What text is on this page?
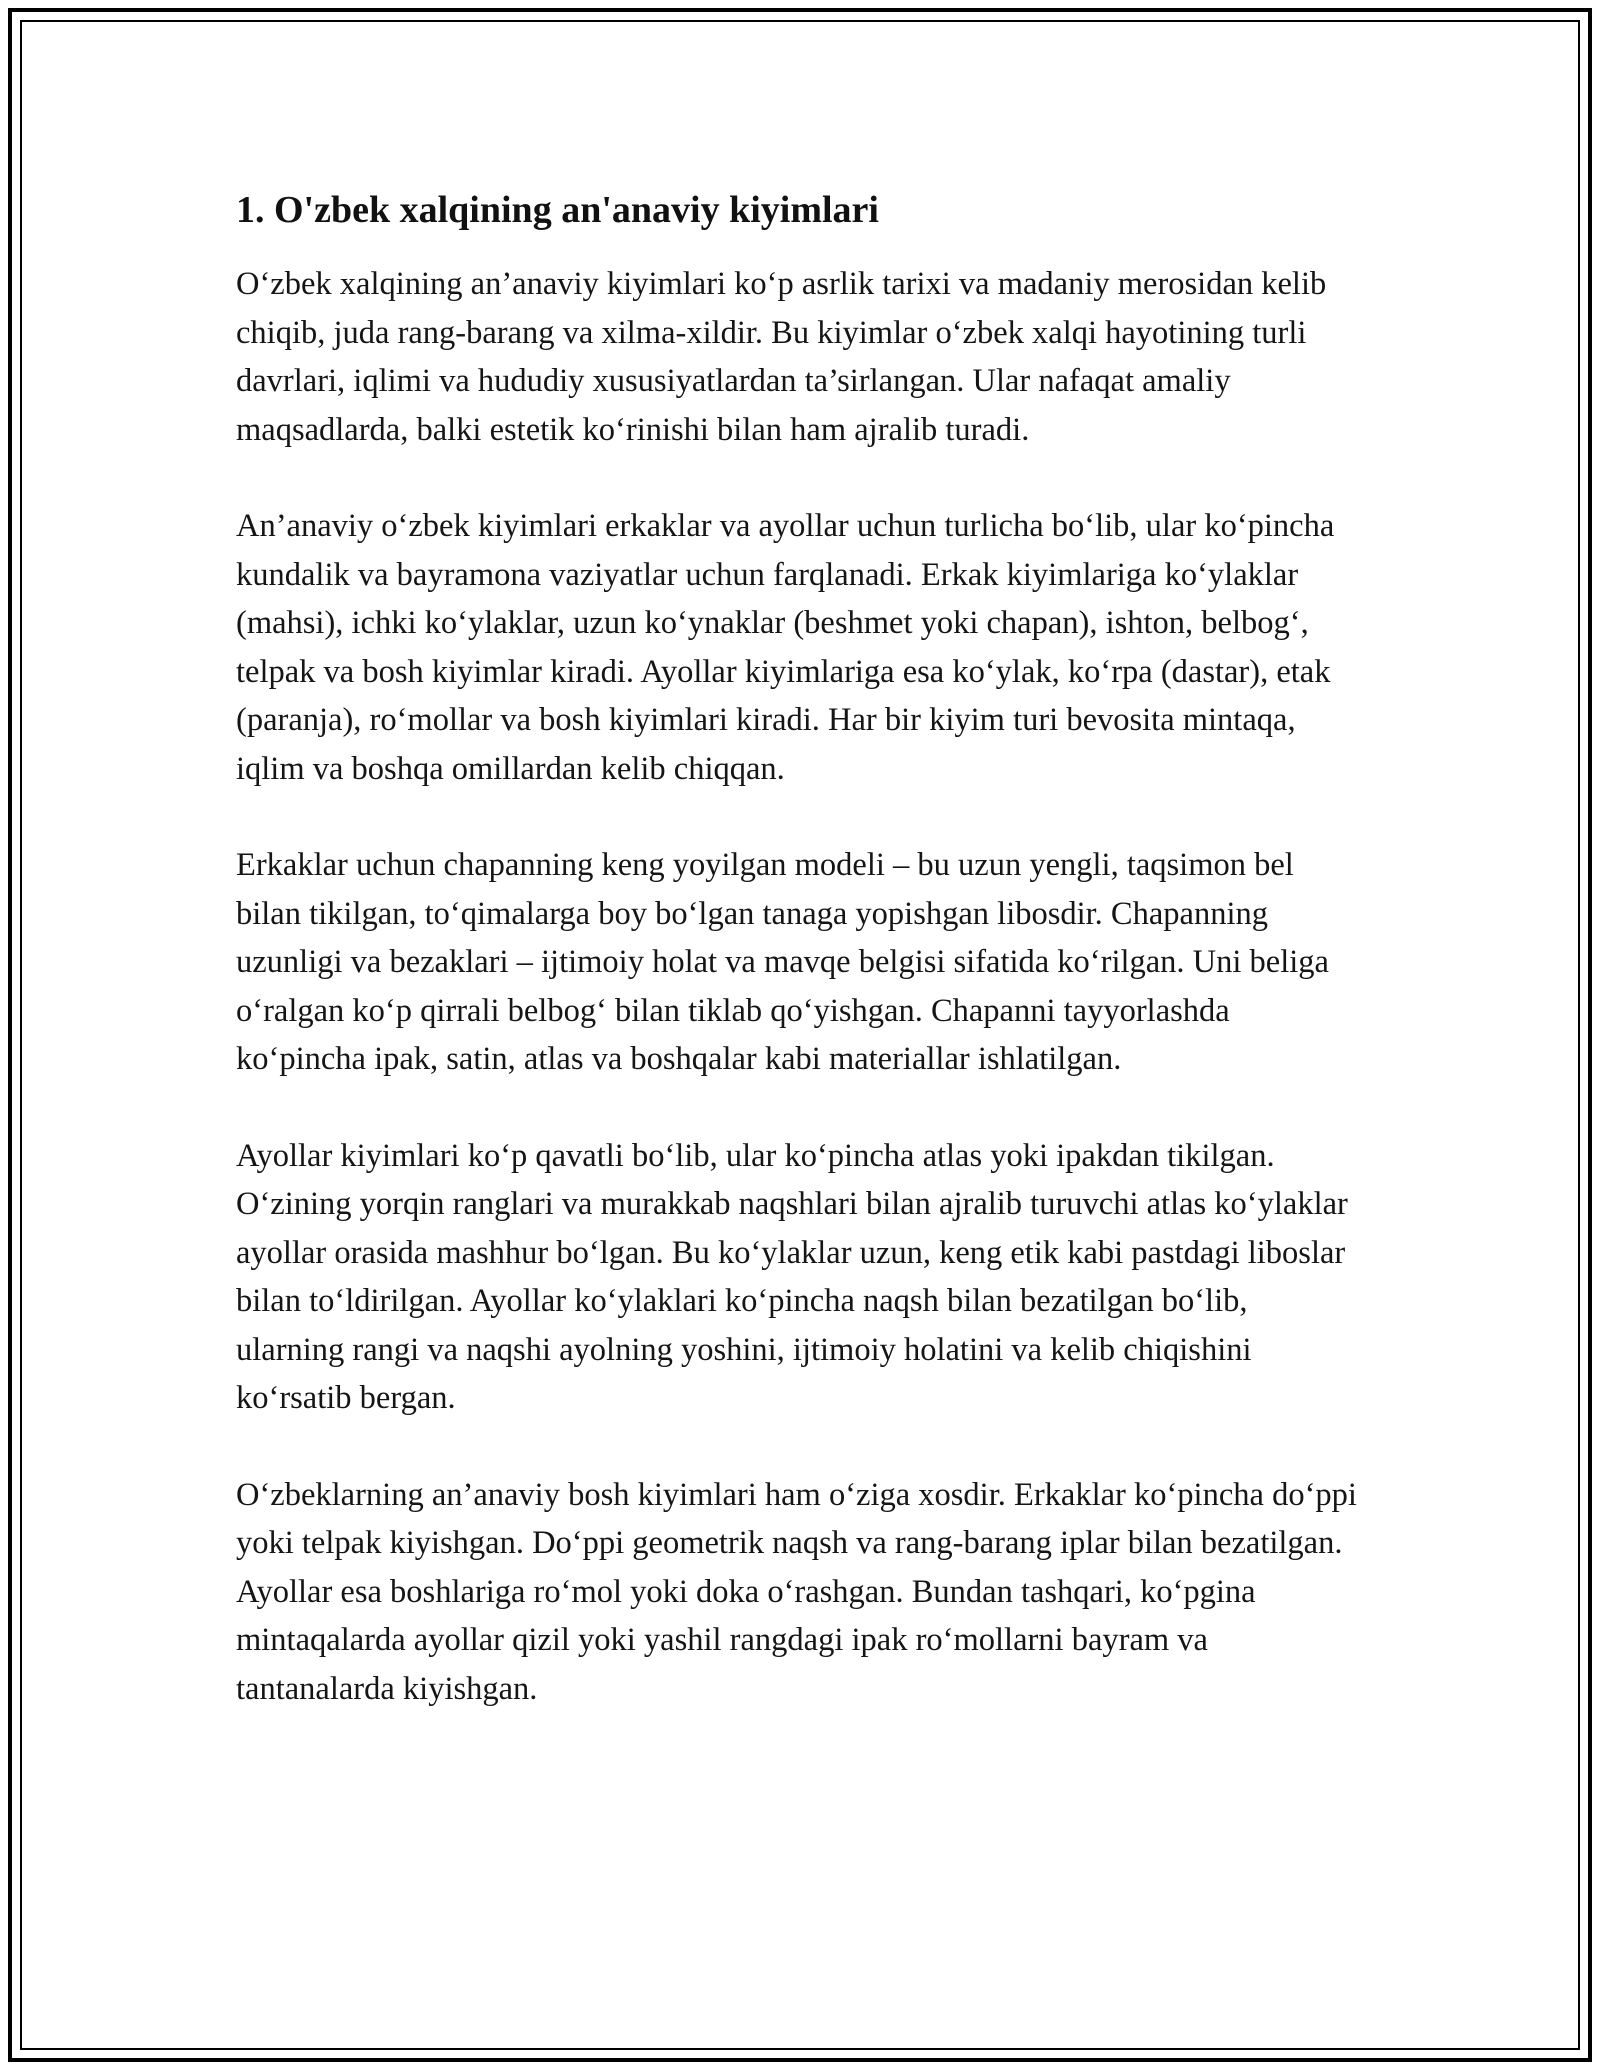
1. O'zbek xalqining an'anaviy kiyimlari

O‘zbek xalqining an’anaviy kiyimlari ko‘p asrlik tarixi va madaniy merosidan kelib chiqib, juda rang-barang va xilma-xildir. Bu kiyimlar o‘zbek xalqi hayotining turli davrlari, iqlimi va hududiy xususiyatlardan ta’sirlangan. Ular nafaqat amaliy maqsadlarda, balki estetik ko‘rinishi bilan ham ajralib turadi.

An’anaviy o‘zbek kiyimlari erkaklar va ayollar uchun turlicha bo‘lib, ular ko‘pincha kundalik va bayramona vaziyatlar uchun farqlanadi. Erkak kiyimlariga ko‘ylaklar (mahsi), ichki ko‘ylaklar, uzun ko‘ynaklar (beshmet yoki chapan), ishton, belbog‘, telpak va bosh kiyimlar kiradi. Ayollar kiyimlariga esa ko‘ylak, ko‘rpa (dastar), etak (paranja), ro‘mollar va bosh kiyimlari kiradi. Har bir kiyim turi bevosita mintaqa, iqlim va boshqa omillardan kelib chiqqan.

Erkaklar uchun chapanning keng yoyilgan modeli – bu uzun yengli, taqsimon bel bilan tikilgan, to‘qimalarga boy bo‘lgan tanaga yopishgan libosdir. Chapanning uzunligi va bezaklari – ijtimoiy holat va mavqe belgisi sifatida ko‘rilgan. Uni beliga o‘ralgan ko‘p qirrali belbog‘ bilan tiklab qo‘yishgan. Chapanni tayyorlashda ko‘pincha ipak, satin, atlas va boshqalar kabi materiallar ishlatilgan.

Ayollar kiyimlari ko‘p qavatli bo‘lib, ular ko‘pincha atlas yoki ipakdan tikilgan. O‘zining yorqin ranglari va murakkab naqshlari bilan ajralib turuvchi atlas ko‘ylaklar ayollar orasida mashhur bo‘lgan. Bu ko‘ylaklar uzun, keng etik kabi pastdagi liboslar bilan to‘ldirilgan. Ayollar ko‘ylaklari ko‘pincha naqsh bilan bezatilgan bo‘lib, ularning rangi va naqshi ayolning yoshini, ijtimoiy holatini va kelib chiqishini ko‘rsatib bergan.

O‘zbeklarning an’anaviy bosh kiyimlari ham o‘ziga xosdir. Erkaklar ko‘pincha do‘ppi yoki telpak kiyishgan. Do‘ppi geometrik naqsh va rang-barang iplar bilan bezatilgan. Ayollar esa boshlariga ro‘mol yoki doka o‘rashgan. Bundan tashqari, ko‘pgina mintaqalarda ayollar qizil yoki yashil rangdagi ipak ro‘mollarni bayram va tantanalarda kiyishgan.
